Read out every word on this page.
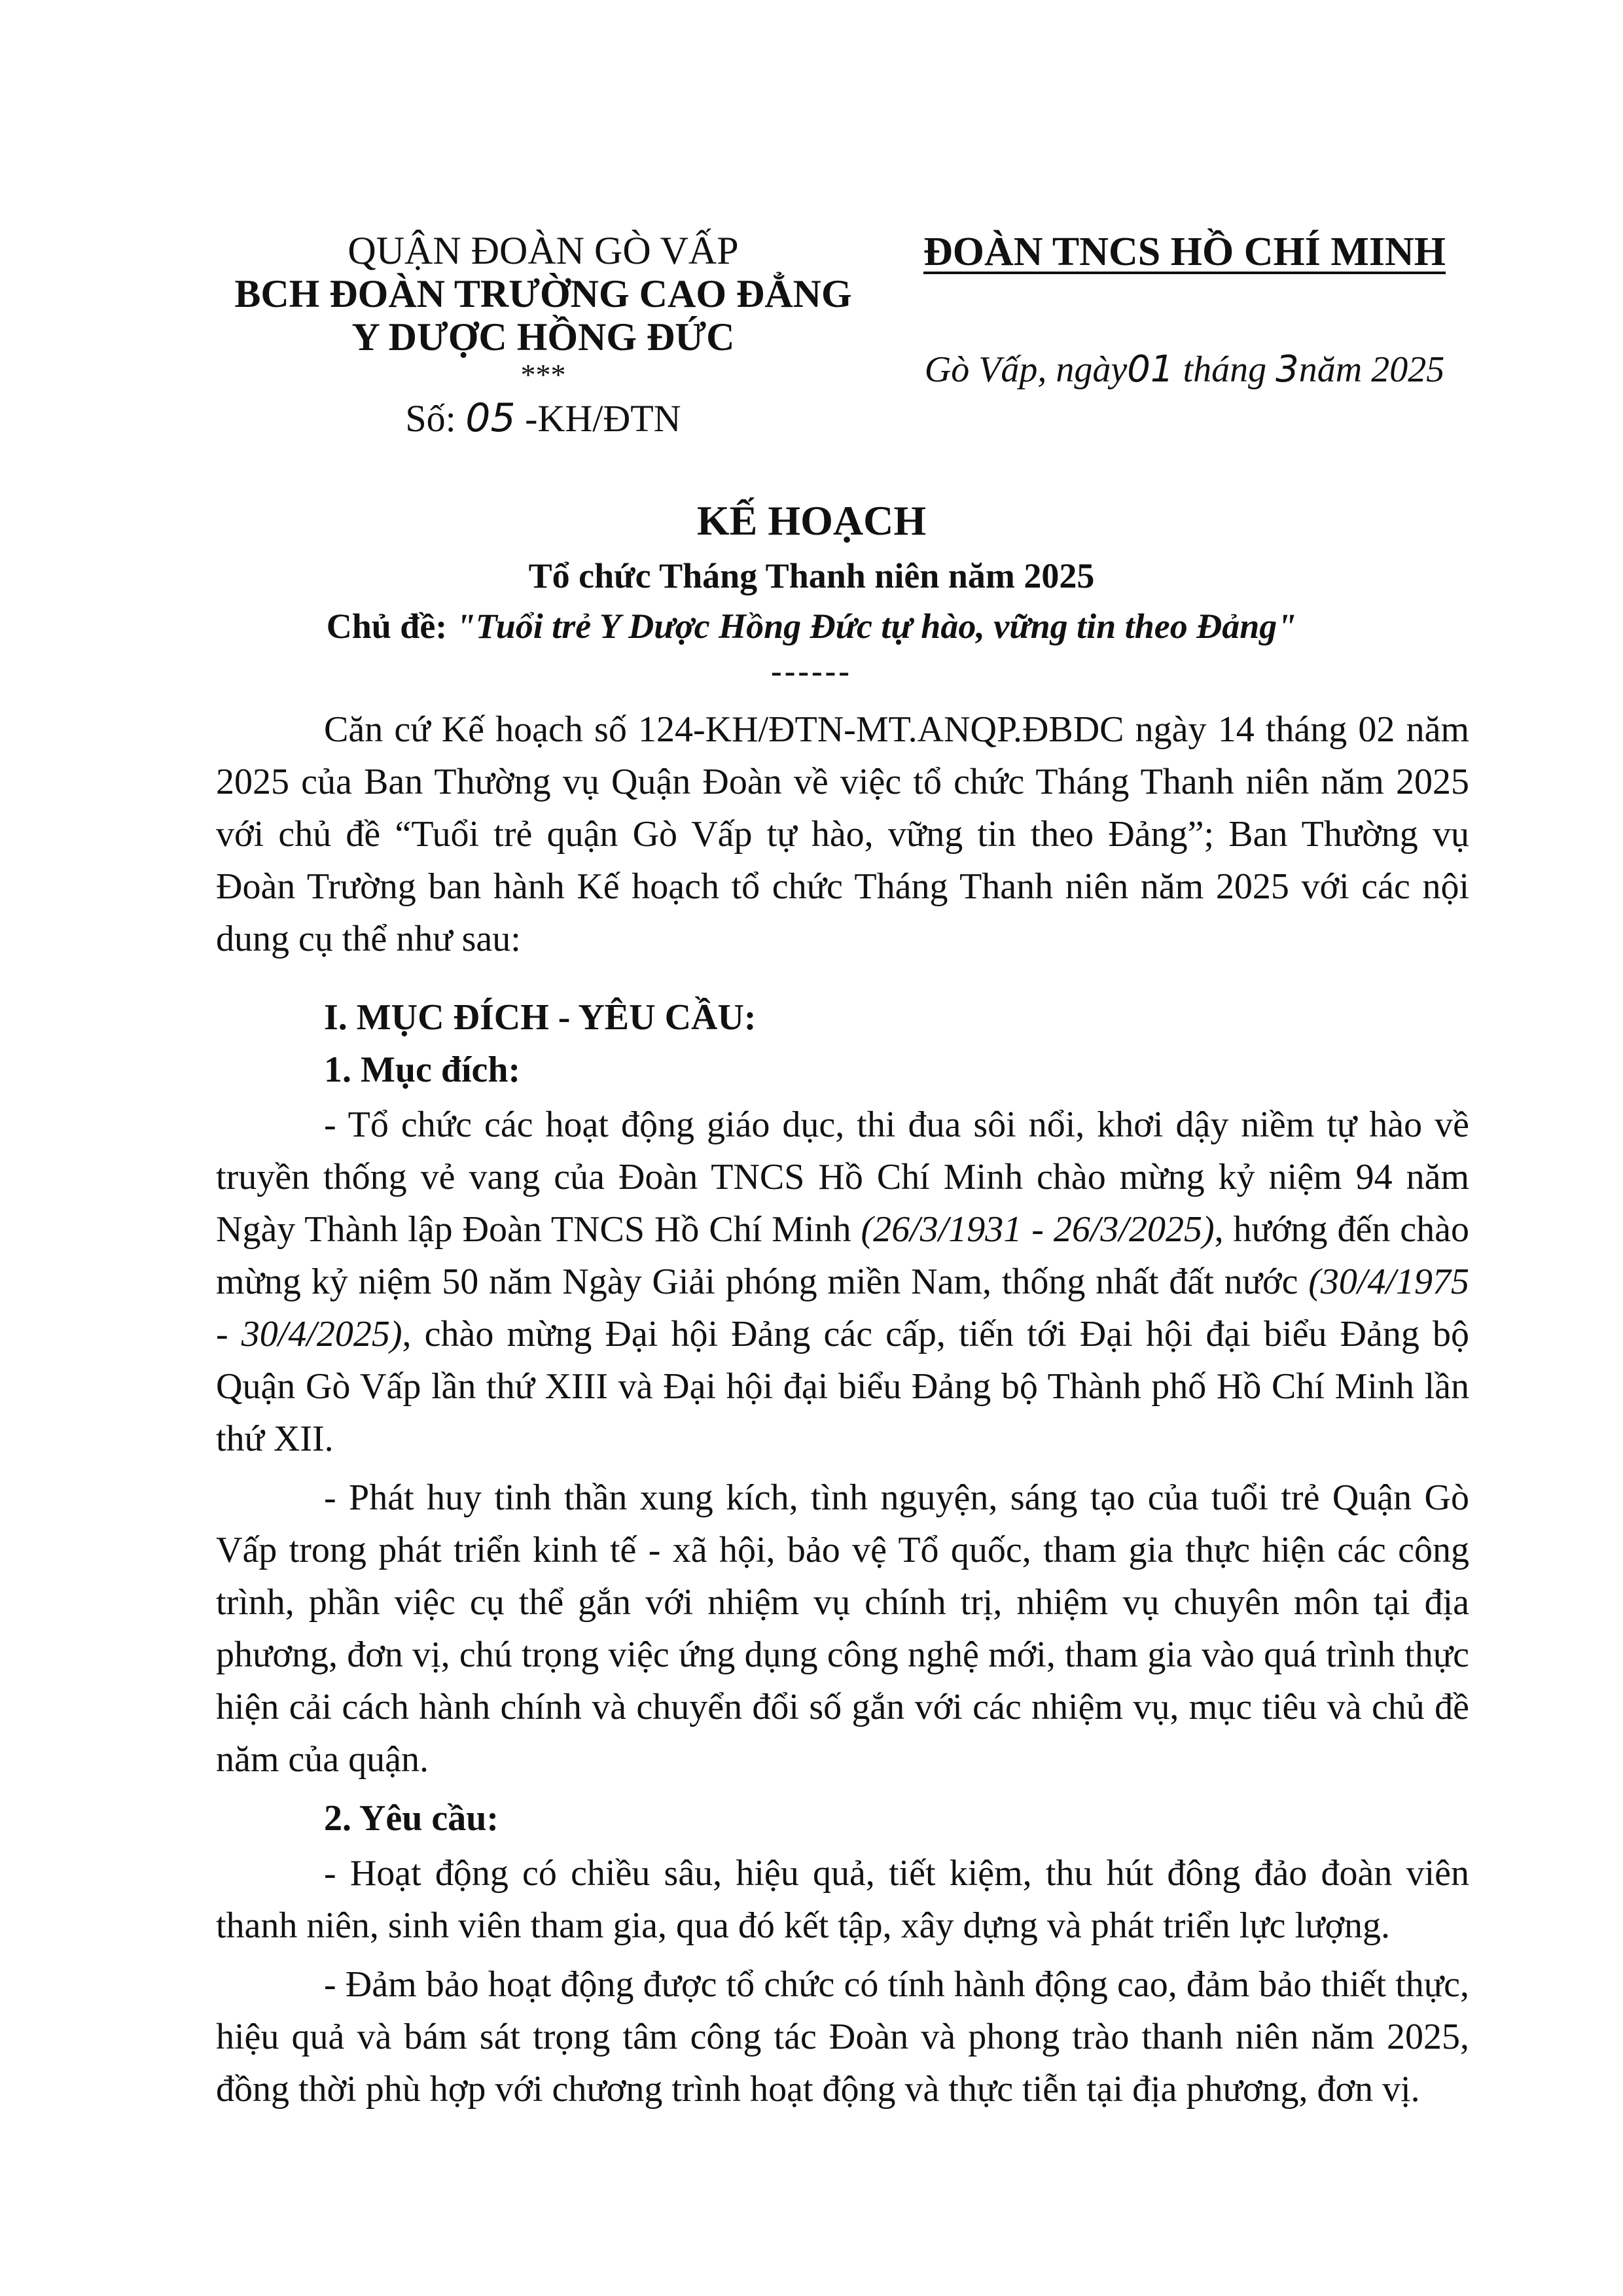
QUẬN ĐOÀN GÒ VẤP
BCH ĐOÀN TRƯỜNG CAO ĐẲNG
Y DƯỢC HỒNG ĐỨC
***
Số: 05 -KH/ĐTN
ĐOÀN TNCS HỒ CHÍ MINH
Gò Vấp, ngày01 tháng 3năm 2025
KẾ HOẠCH
Tổ chức Tháng Thanh niên năm 2025
Chủ đề: "Tuổi trẻ Y Dược Hồng Đức tự hào, vững tin theo Đảng"
------

Căn cứ Kế hoạch số 124-KH/ĐTN-MT.ANQP.ĐBDC ngày 14 tháng 02 năm 2025 của Ban Thường vụ Quận Đoàn về việc tổ chức Tháng Thanh niên năm 2025 với chủ đề “Tuổi trẻ quận Gò Vấp tự hào, vững tin theo Đảng”; Ban Thường vụ Đoàn Trường ban hành Kế hoạch tổ chức Tháng Thanh niên năm 2025 với các nội dung cụ thể như sau:

I. MỤC ĐÍCH - YÊU CẦU:
1. Mục đích:

- Tổ chức các hoạt động giáo dục, thi đua sôi nổi, khơi dậy niềm tự hào về truyền thống vẻ vang của Đoàn TNCS Hồ Chí Minh chào mừng kỷ niệm 94 năm Ngày Thành lập Đoàn TNCS Hồ Chí Minh (26/3/1931 - 26/3/2025), hướng đến chào mừng kỷ niệm 50 năm Ngày Giải phóng miền Nam, thống nhất đất nước (30/4/1975 - 30/4/2025), chào mừng Đại hội Đảng các cấp, tiến tới Đại hội đại biểu Đảng bộ Quận Gò Vấp lần thứ XIII và Đại hội đại biểu Đảng bộ Thành phố Hồ Chí Minh lần thứ XII.

- Phát huy tinh thần xung kích, tình nguyện, sáng tạo của tuổi trẻ Quận Gò Vấp trong phát triển kinh tế - xã hội, bảo vệ Tổ quốc, tham gia thực hiện các công trình, phần việc cụ thể gắn với nhiệm vụ chính trị, nhiệm vụ chuyên môn tại địa phương, đơn vị, chú trọng việc ứng dụng công nghệ mới, tham gia vào quá trình thực hiện cải cách hành chính và chuyển đổi số gắn với các nhiệm vụ, mục tiêu và chủ đề năm của quận.

2. Yêu cầu:

- Hoạt động có chiều sâu, hiệu quả, tiết kiệm, thu hút đông đảo đoàn viên thanh niên, sinh viên tham gia, qua đó kết tập, xây dựng và phát triển lực lượng.

- Đảm bảo hoạt động được tổ chức có tính hành động cao, đảm bảo thiết thực, hiệu quả và bám sát trọng tâm công tác Đoàn và phong trào thanh niên năm 2025, đồng thời phù hợp với chương trình hoạt động và thực tiễn tại địa phương, đơn vị.
